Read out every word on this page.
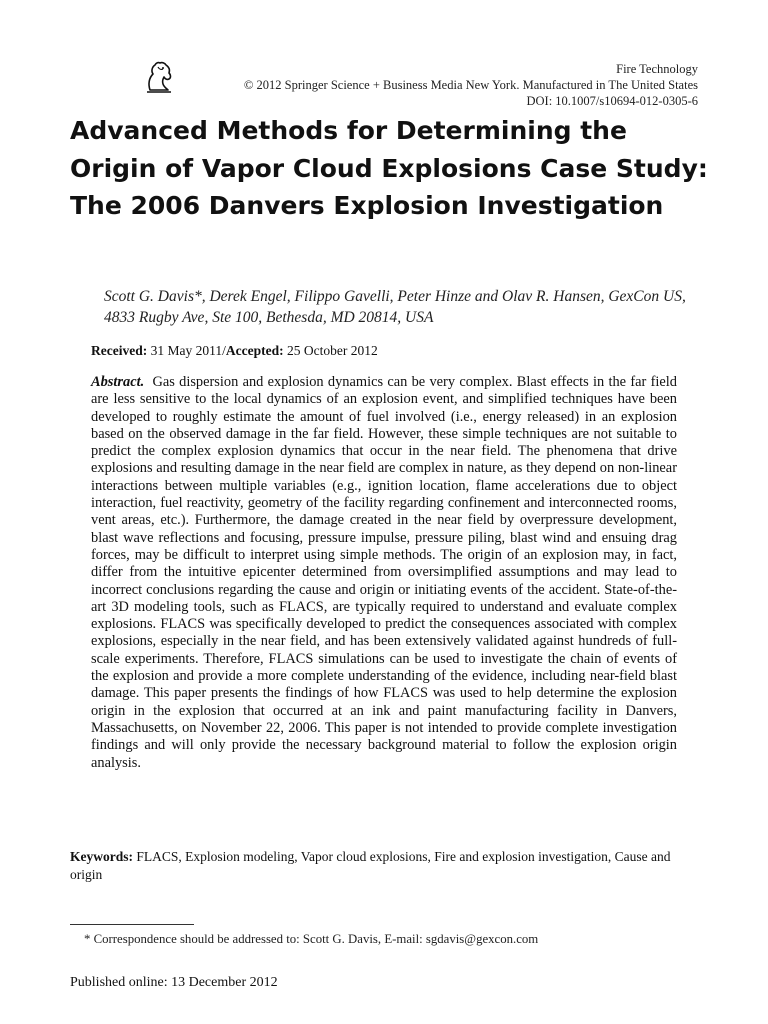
Fire Technology
© 2012 Springer Science + Business Media New York. Manufactured in The United States
DOI: 10.1007/s10694-012-0305-6
Advanced Methods for Determining the Origin of Vapor Cloud Explosions Case Study: The 2006 Danvers Explosion Investigation

Scott G. Davis*, Derek Engel, Filippo Gavelli, Peter Hinze and Olav R. Hansen, GexCon US, 4833 Rugby Ave, Ste 100, Bethesda, MD 20814, USA

Received: 31 May 2011/Accepted: 25 October 2012

Abstract. Gas dispersion and explosion dynamics can be very complex. Blast effects in the far field are less sensitive to the local dynamics of an explosion event, and simplified techniques have been developed to roughly estimate the amount of fuel involved (i.e., energy released) in an explosion based on the observed damage in the far field. However, these simple techniques are not suitable to predict the complex explosion dynamics that occur in the near field. The phenomena that drive explosions and resulting damage in the near field are complex in nature, as they depend on non-linear interactions between multiple variables (e.g., ignition location, flame accelerations due to object interaction, fuel reactivity, geometry of the facility regarding confinement and interconnected rooms, vent areas, etc.). Furthermore, the damage created in the near field by overpressure development, blast wave reflections and focusing, pressure impulse, pressure piling, blast wind and ensuing drag forces, may be difficult to interpret using simple methods. The origin of an explosion may, in fact, differ from the intuitive epicenter determined from oversimplified assumptions and may lead to incorrect conclusions regarding the cause and origin or initiating events of the accident. State-of-the-art 3D modeling tools, such as FLACS, are typically required to understand and evaluate complex explosions. FLACS was specifically developed to predict the consequences associated with complex explosions, especially in the near field, and has been extensively validated against hundreds of full-scale experiments. Therefore, FLACS simulations can be used to investigate the chain of events of the explosion and provide a more complete understanding of the evidence, including near-field blast damage. This paper presents the findings of how FLACS was used to help determine the explosion origin in the explosion that occurred at an ink and paint manufacturing facility in Danvers, Massachusetts, on November 22, 2006. This paper is not intended to provide complete investigation findings and will only provide the necessary background material to follow the explosion origin analysis.

Keywords: FLACS, Explosion modeling, Vapor cloud explosions, Fire and explosion investigation, Cause and origin

* Correspondence should be addressed to: Scott G. Davis, E-mail: sgdavis@gexcon.com

Published online: 13 December 2012
